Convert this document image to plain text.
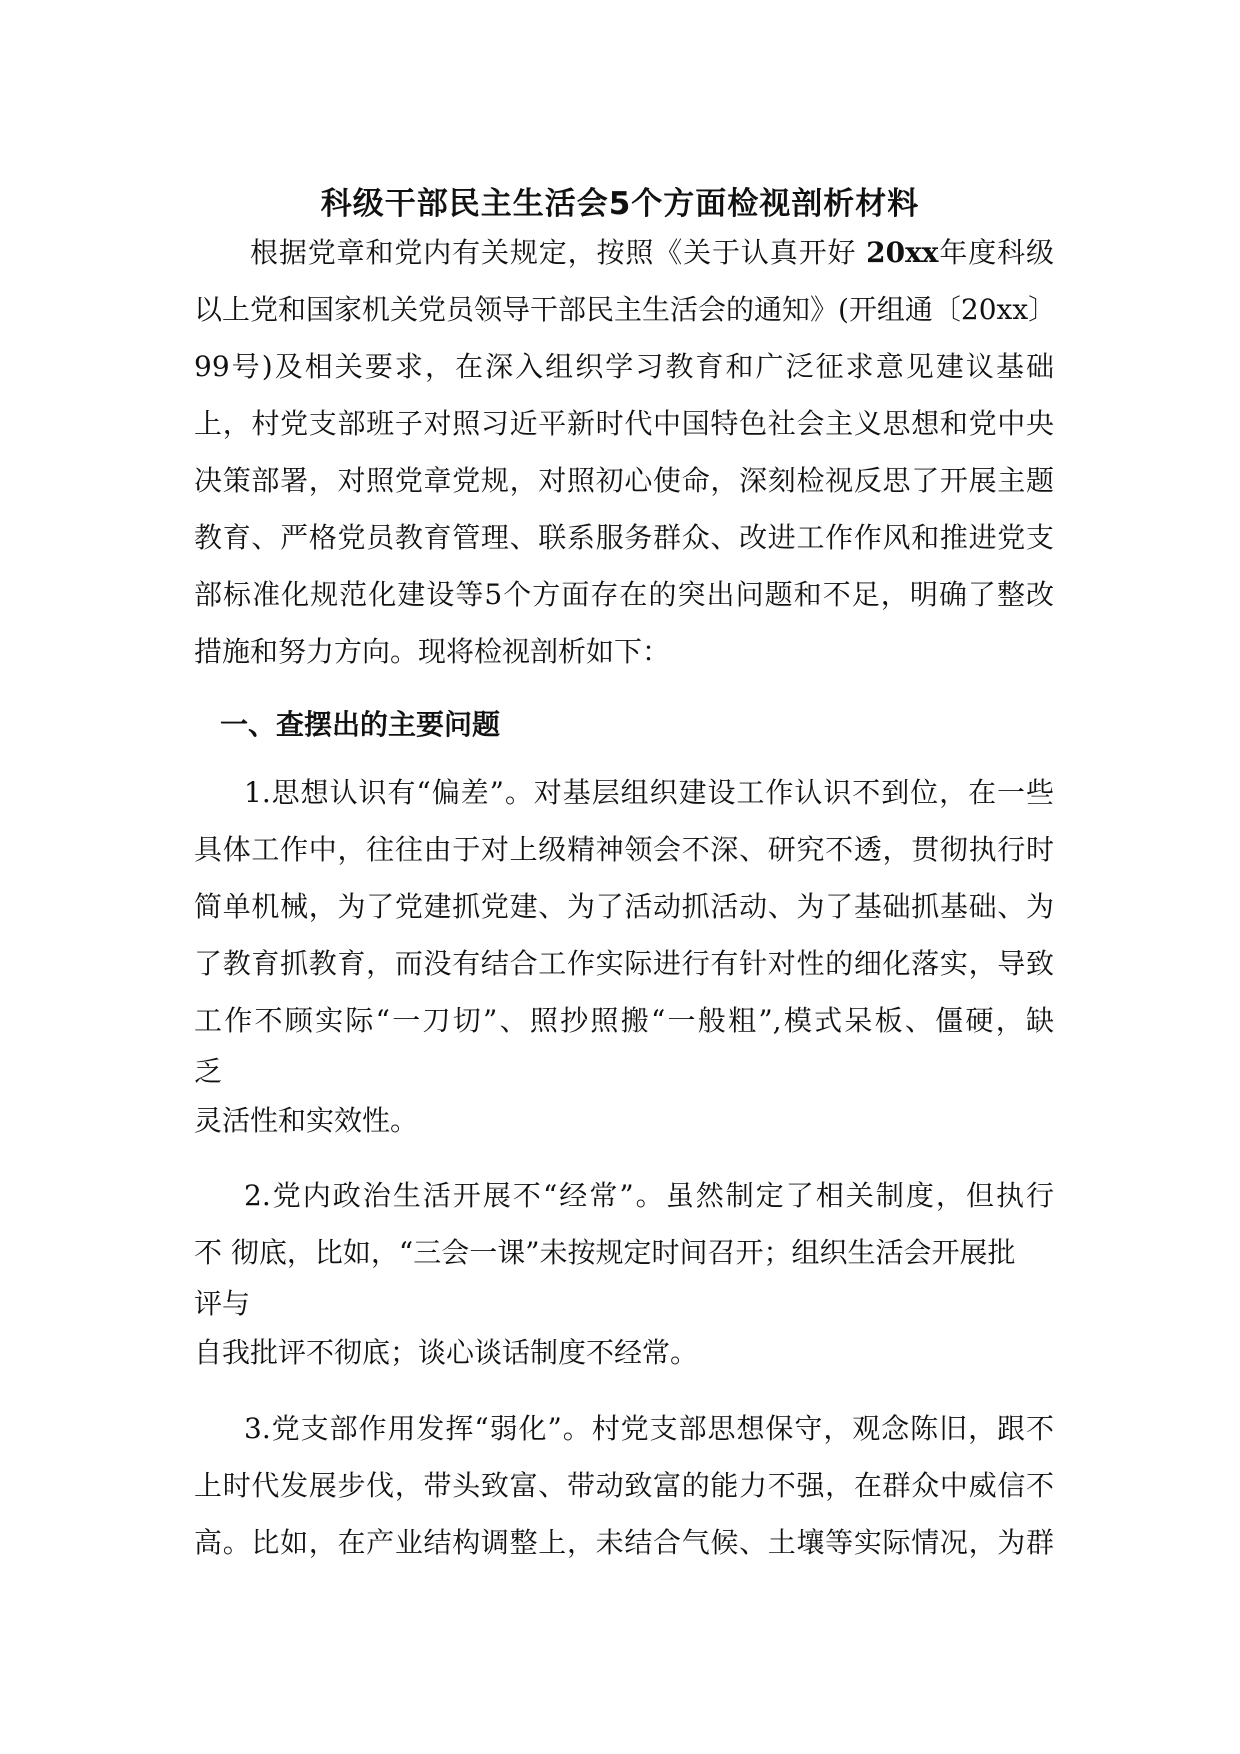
科级干部民主生活会5个方面检视剖析材料

根据党章和党内有关规定，按照《关于认真开好 20xx年度科级

以上党和国家机关党员领导干部民主生活会的通知》(开组通〔20xx〕

99号)及相关要求，在深入组织学习教育和广泛征求意见建议基础

上，村党支部班子对照习近平新时代中国特色社会主义思想和党中央

决策部署，对照党章党规，对照初心使命，深刻检视反思了开展主题

教育、严格党员教育管理、联系服务群众、改进工作作风和推进党支

部标准化规范化建设等5个方面存在的突出问题和不足，明确了整改

措施和努力方向。现将检视剖析如下：

一、查摆出的主要问题

1.思想认识有“偏差”。对基层组织建设工作认识不到位，在一些

具体工作中，往往由于对上级精神领会不深、研究不透，贯彻执行时

简单机械，为了党建抓党建、为了活动抓活动、为了基础抓基础、为

了教育抓教育，而没有结合工作实际进行有针对性的细化落实，导致

工作不顾实际“一刀切”、照抄照搬“一般粗”,模式呆板、僵硬，缺

乏

灵活性和实效性。

2.党内政治生活开展不“经常”。虽然制定了相关制度，但执行

不 彻底，比如，“三会一课”未按规定时间召开；组织生活会开展批

评与

自我批评不彻底；谈心谈话制度不经常。

3.党支部作用发挥“弱化”。村党支部思想保守，观念陈旧，跟不

上时代发展步伐，带头致富、带动致富的能力不强，在群众中威信不

高。比如，在产业结构调整上，未结合气候、土壤等实际情况，为群
